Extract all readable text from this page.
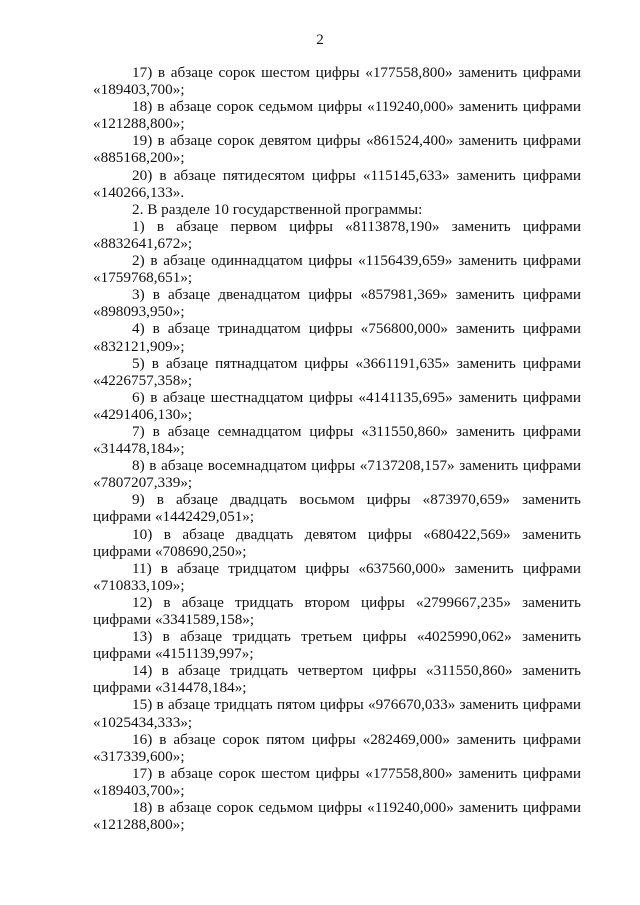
2

17) в абзаце сорок шестом цифры «177558,800» заменить цифрами «189403,700»;

18) в абзаце сорок седьмом цифры «119240,000» заменить цифрами «121288,800»;

19) в абзаце сорок девятом цифры «861524,400» заменить цифрами «885168,200»;

20) в абзаце пятидесятом цифры «115145,633» заменить цифрами «140266,133».

2. В разделе 10 государственной программы:

1) в абзаце первом цифры «8113878,190» заменить цифрами «8832641,672»;

2) в абзаце одиннадцатом цифры «1156439,659» заменить цифрами «1759768,651»;

3) в абзаце двенадцатом цифры «857981,369» заменить цифрами «898093,950»;

4) в абзаце тринадцатом цифры «756800,000» заменить цифрами «832121,909»;

5) в абзаце пятнадцатом цифры «3661191,635» заменить цифрами «4226757,358»;

6) в абзаце шестнадцатом цифры «4141135,695» заменить цифрами «4291406,130»;

7) в абзаце семнадцатом цифры «311550,860» заменить цифрами «314478,184»;

8) в абзаце восемнадцатом цифры «7137208,157» заменить цифрами «7807207,339»;

9) в абзаце двадцать восьмом цифры «873970,659» заменить цифрами «1442429,051»;

10) в абзаце двадцать девятом цифры «680422,569» заменить цифрами «708690,250»;

11) в абзаце тридцатом цифры «637560,000» заменить цифрами «710833,109»;

12) в абзаце тридцать втором цифры «2799667,235» заменить цифрами «3341589,158»;

13) в абзаце тридцать третьем цифры «4025990,062» заменить цифрами «4151139,997»;

14) в абзаце тридцать четвертом цифры «311550,860» заменить цифрами «314478,184»;

15) в абзаце тридцать пятом цифры «976670,033» заменить цифрами «1025434,333»;

16) в абзаце сорок пятом цифры «282469,000» заменить цифрами «317339,600»;

17) в абзаце сорок шестом цифры «177558,800» заменить цифрами «189403,700»;

18) в абзаце сорок седьмом цифры «119240,000» заменить цифрами «121288,800»;
